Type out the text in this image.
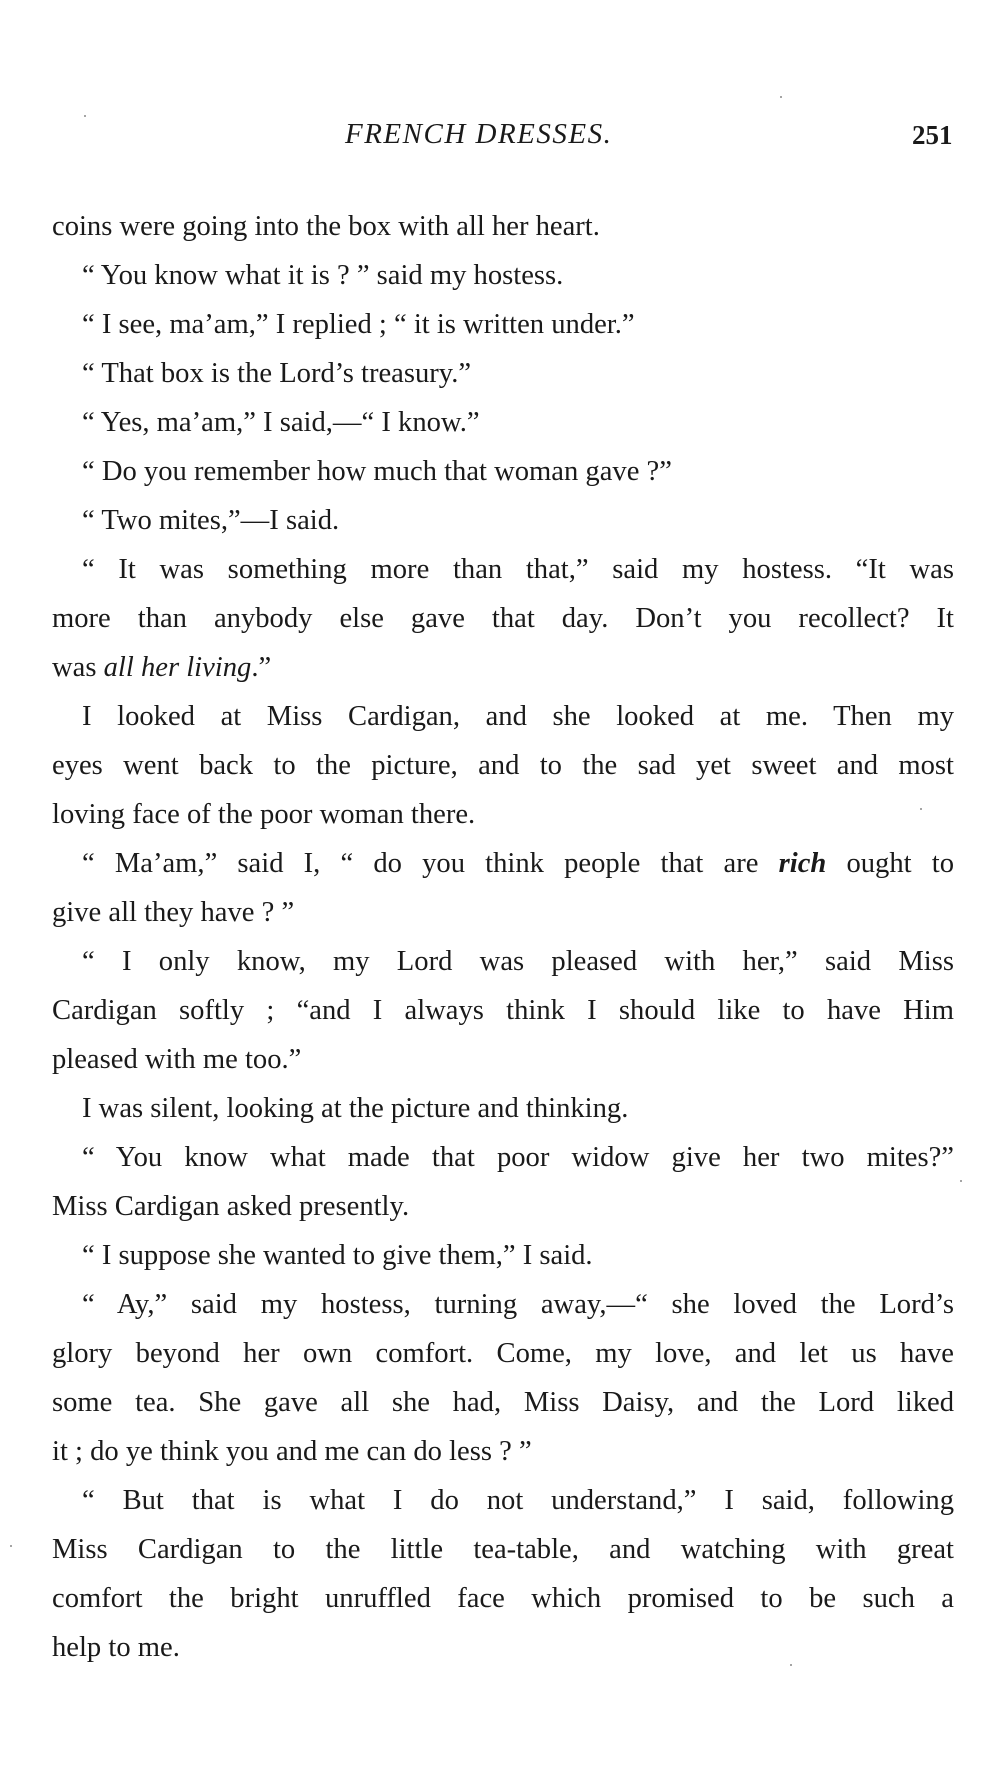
FRENCH DRESSES.	251

coins were going into the box with all her heart.

“ You know what it is ? ” said my hostess.

“ I see, ma’am,” I replied ; “ it is written under.”

“ That box is the Lord’s treasury.”

“ Yes, ma’am,” I said,—“ I know.”

“ Do you remember how much that woman gave ?”

“ Two mites,”—I said.

“ It was something more than that,” said my hostess. “It was
more than anybody else gave that day. Don’t you recollect? It
was all her living.”

I looked at Miss Cardigan, and she looked at me. Then my
eyes went back to the picture, and to the sad yet sweet and most
loving face of the poor woman there.

“ Ma’am,” said I, “ do you think people that are rich ought to
give all they have ? ”

“ I only know, my Lord was pleased with her,” said Miss
Cardigan softly ; “and I always think I should like to have Him
pleased with me too.”

I was silent, looking at the picture and thinking.

“ You know what made that poor widow give her two mites?”
Miss Cardigan asked presently.

“ I suppose she wanted to give them,” I said.

“ Ay,” said my hostess, turning away,—“ she loved the Lord’s
glory beyond her own comfort. Come, my love, and let us have
some tea. She gave all she had, Miss Daisy, and the Lord liked
it ; do ye think you and me can do less ? ”

“ But that is what I do not understand,” I said, following
Miss Cardigan to the little tea-table, and watching with great
comfort the bright unruffled face which promised to be such a
help to me.
